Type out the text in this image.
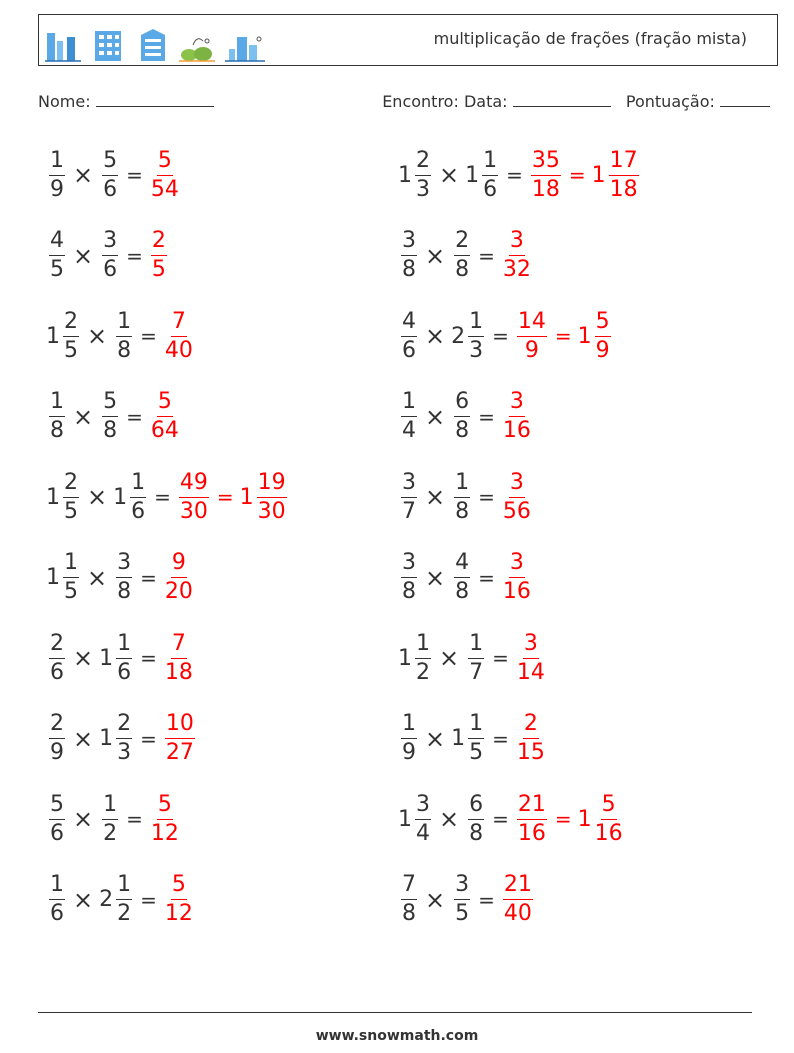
multiplicação de frações (fração mista)
Nome:	Encontro: Data:	Pontuação:
$\frac{1}{9} \times \frac{5}{6} = \frac{5}{54}$	$1 \frac{2}{3} \times 1 \frac{1}{6} = \frac{35}{18} = 1 \frac{17}{18}$
$\frac{4}{5} \times \frac{3}{6} = \frac{2}{5}$	$\frac{3}{8} \times \frac{2}{8} = \frac{3}{32}$
$1 \frac{2}{5} \times \frac{1}{8} = \frac{7}{40}$	$\frac{4}{6} \times 2 \frac{1}{3} = \frac{14}{9} = 1 \frac{5}{9}$
$\frac{1}{8} \times \frac{5}{8} = \frac{5}{64}$	$\frac{1}{4} \times \frac{6}{8} = \frac{3}{16}$
$1 \frac{2}{5} \times 1 \frac{1}{6} = \frac{49}{30} = 1 \frac{19}{30}$	$\frac{3}{7} \times \frac{1}{8} = \frac{3}{56}$
$1 \frac{1}{5} \times \frac{3}{8} = \frac{9}{20}$	$\frac{3}{8} \times \frac{4}{8} = \frac{3}{16}$
$\frac{2}{6} \times 1 \frac{1}{6} = \frac{7}{18}$	$1 \frac{1}{2} \times \frac{1}{7} = \frac{3}{14}$
$\frac{2}{9} \times 1 \frac{2}{3} = \frac{10}{27}$	$\frac{1}{9} \times 1 \frac{1}{5} = \frac{2}{15}$
$\frac{5}{6} \times \frac{1}{2} = \frac{5}{12}$	$1 \frac{3}{4} \times \frac{6}{8} = \frac{21}{16} = 1 \frac{5}{16}$
$\frac{1}{6} \times 2 \frac{1}{2} = \frac{5}{12}$	$\frac{7}{8} \times \frac{3}{5} = \frac{21}{40}$
www.snowmath.com
